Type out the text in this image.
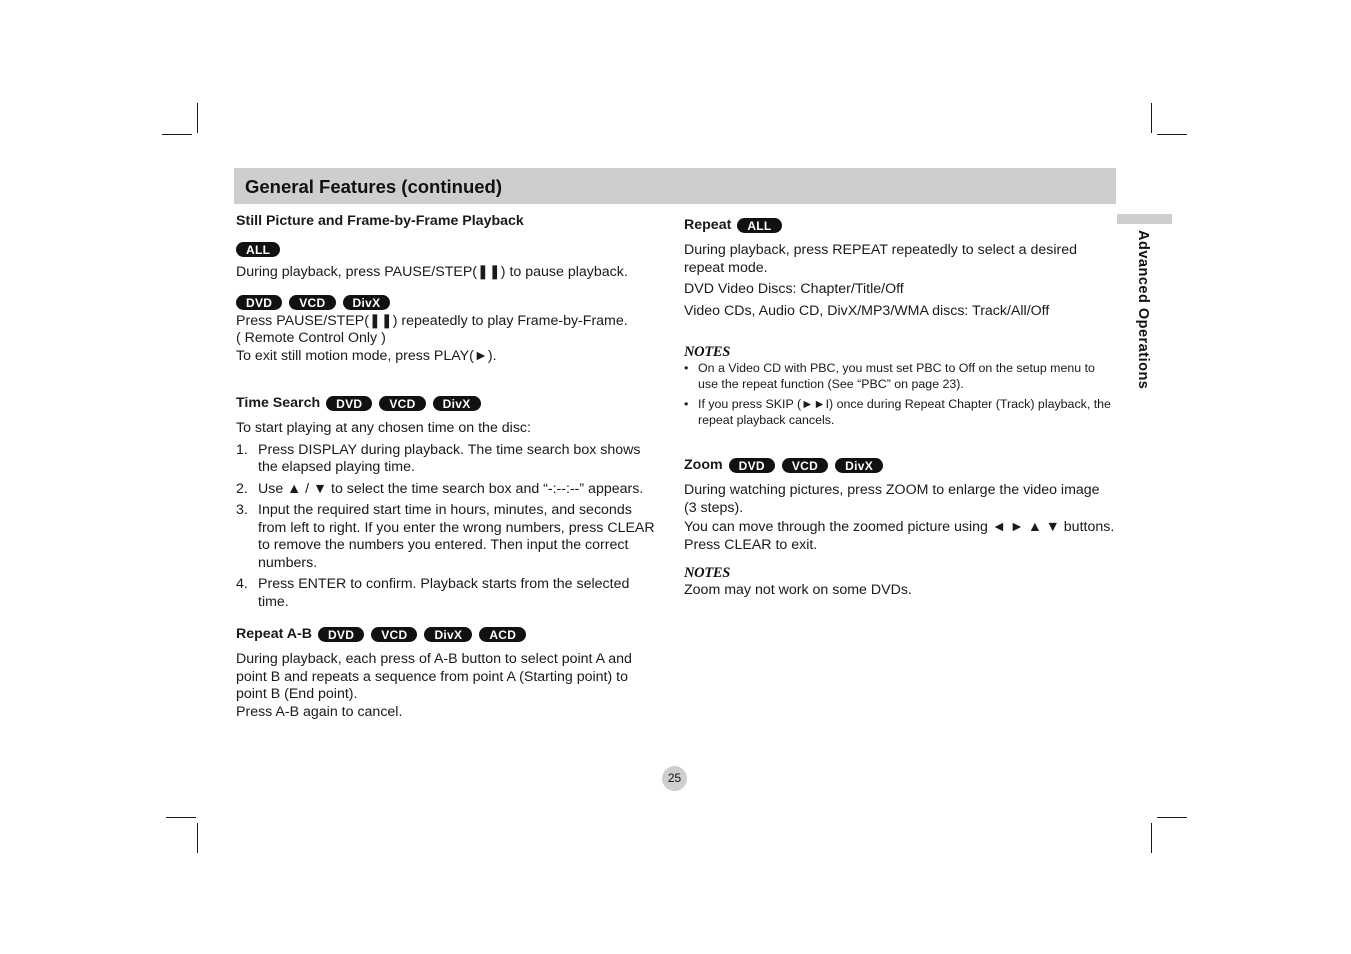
General Features (continued)
Advanced Operations
Still Picture and Frame-by-Frame Playback
ALL

During playback, press PAUSE/STEP(❚❚) to pause playback.

DVD	VCD	DivX

Press PAUSE/STEP(❚❚) repeatedly to play Frame-by-Frame.

( Remote Control Only )

To exit still motion mode, press PLAY(►).

Time Search	DVD	VCD	DivX

To start playing at any chosen time on the disc:

1. Press DISPLAY during playback. The time search box shows the elapsed playing time.
2. Use ▲ / ▼ to select the time search box and “-:--:--” appears.
3. Input the required start time in hours, minutes, and seconds from left to right. If you enter the wrong numbers, press CLEAR to remove the numbers you entered. Then input the correct numbers.
4. Press ENTER to confirm. Playback starts from the selected time.
Repeat A-B	DVD	VCD	DivX	ACD

During playback, each press of A-B button to select point A and point B and repeats a sequence from point A (Starting point) to point B (End point).

Press A-B again to cancel.

Repeat	ALL

During playback, press REPEAT repeatedly to select a desired repeat mode.

DVD Video Discs: Chapter/Title/Off

Video CDs, Audio CD, DivX/MP3/WMA discs: Track/All/Off

NOTES
• On a Video CD with PBC, you must set PBC to Off on the setup menu to use the repeat function (See “PBC” on page 23).
• If you press SKIP (►►I) once during Repeat Chapter (Track) playback, the repeat playback cancels.
Zoom	DVD	VCD	DivX

During watching pictures, press ZOOM to enlarge the video image (3 steps).

You can move through the zoomed picture using ◄ ► ▲ ▼ buttons.

Press CLEAR to exit.

NOTES

Zoom may not work on some DVDs.

25
